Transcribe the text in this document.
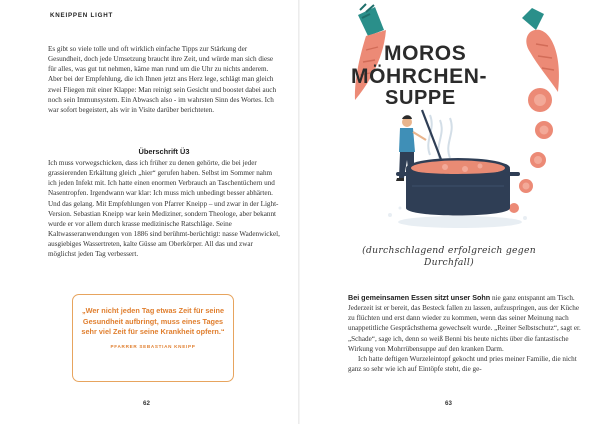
KNEIPPEN LIGHT

Es gibt so viele tolle und oft wirklich einfache Tipps zur Stärkung der Gesundheit, doch jede Umsetzung braucht ihre Zeit, und würde man sich diese für alles, was gut tut nehmen, käme man rund um die Uhr zu nichts anderem. Aber bei der Empfehlung, die ich Ihnen jetzt ans Herz lege, schlägt man gleich zwei Fliegen mit einer Klappe: Man reinigt sein Gesicht und boostet dabei auch noch sein Immunsystem. Ein Abwasch also - im wahrsten Sinn des Wortes. Ich war sofort begeistert, als wir in Visite darüber berichteten.

Überschrift Ü3

Ich muss vorwegschicken, dass ich früher zu denen gehörte, die bei jeder grassierenden Erkältung gleich „hier“ gerufen haben. Selbst im Sommer nahm ich jeden Infekt mit. Ich hatte einen enormen Verbrauch an Taschentüchern und Nasentropfen. Irgendwann war klar: Ich muss mich unbedingt besser abhärten. Und das gelang. Mit Empfehlungen von Pfarrer Kneipp – und zwar in der Light-Version. Sebastian Kneipp war kein Mediziner, sondern Theologe, aber bekannt wurde er vor allem durch krasse medizinische Ratschläge. Seine Kaltwasseranwendungen von 1886 sind berühmt-berüchtigt: nasse Wadenwickel, ausgiebiges Wassertreten, kalte Güsse am Oberkörper. All das und zwar möglichst jeden Tag verbessert.

„Wer nicht jeden Tag etwas Zeit für seine Gesundheit aufbringt, muss eines Tages sehr viel Zeit für seine Krankheit opfern.“
PFARRER SEBASTIAN KNEIPP
62
MOROS
MÖHRCHEN-
SUPPE
(durchschlagend erfolgreich gegen Durchfall)

Bei gemeinsamen Essen sitzt unser Sohn nie ganz entspannt am Tisch. Jederzeit ist er bereit, das Besteck fallen zu lassen, aufzuspringen, aus der Küche zu flüchten und erst dann wieder zu kommen, wenn das seiner Meinung nach unappetitliche Gesprächsthema gewechselt wurde. „Reiner Selbstschutz“, sagt er. „Schade“, sage ich, denn so weiß Benni bis heute nichts über die fantastische Wirkung von Mohrrübensuppe auf den kranken Darm.

Ich hatte deftigen Wurzeleintopf gekocht und pries meiner Familie, die nicht ganz so sehr wie ich auf Eintöpfe steht, die ge-

63
